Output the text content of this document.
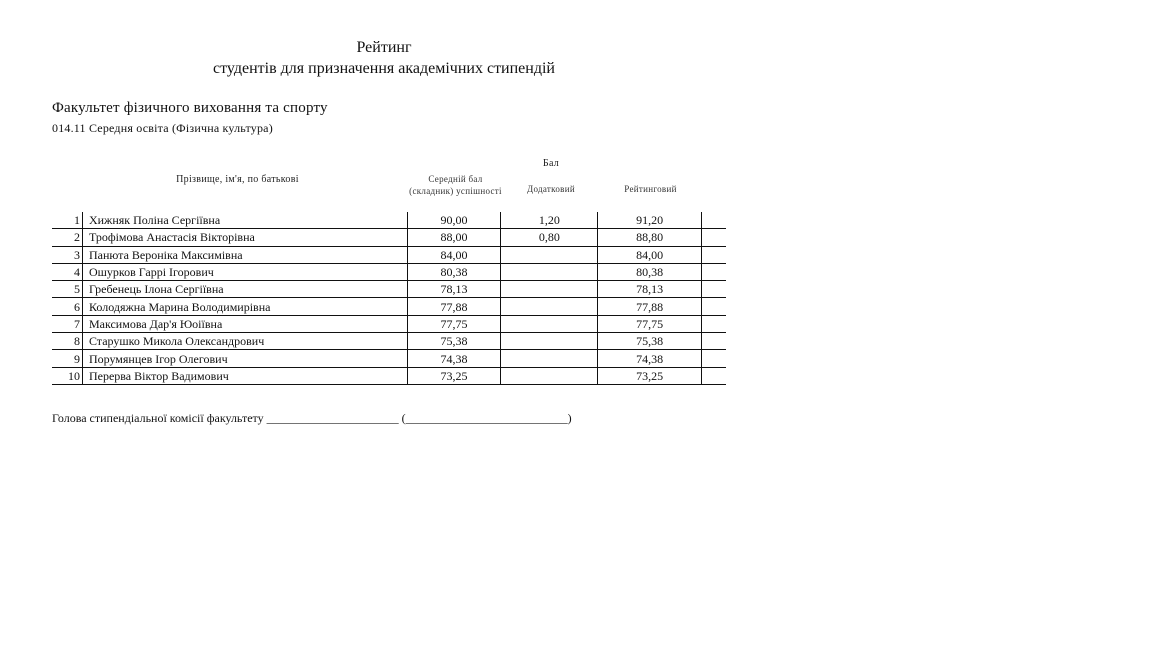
Рейтинг
студентів для призначення академічних стипендій
Факультет фізичного виховання та спорту
014.11 Середня освіта (Фізична культура)
Прізвище, ім'я, по батькові
Бал
Середній бал (складник) успішності	Додатковий	Рейтинговий
1	Хижняк Поліна Сергіївна	90,00	1,20	91,20	
2	Трофімова Анастасія Вікторівна	88,00	0,80	88,80	
3	Панюта Вероніка Максимівна	84,00		84,00	
4	Ошурков Гаррі Ігорович	80,38		80,38	
5	Гребенець Ілона Сергіївна	78,13		78,13	
6	Колодяжна Марина Володимирівна	77,88		77,88	
7	Максимова Дар'я Юоіївна	77,75		77,75	
8	Старушко Микола Олександрович	75,38		75,38	
9	Порумянцев Ігор Олегович	74,38		74,38	
10	Перерва Віктор Вадимович	73,25		73,25	
Голова стипендіальної комісії факультету ______________________ (___________________________)
